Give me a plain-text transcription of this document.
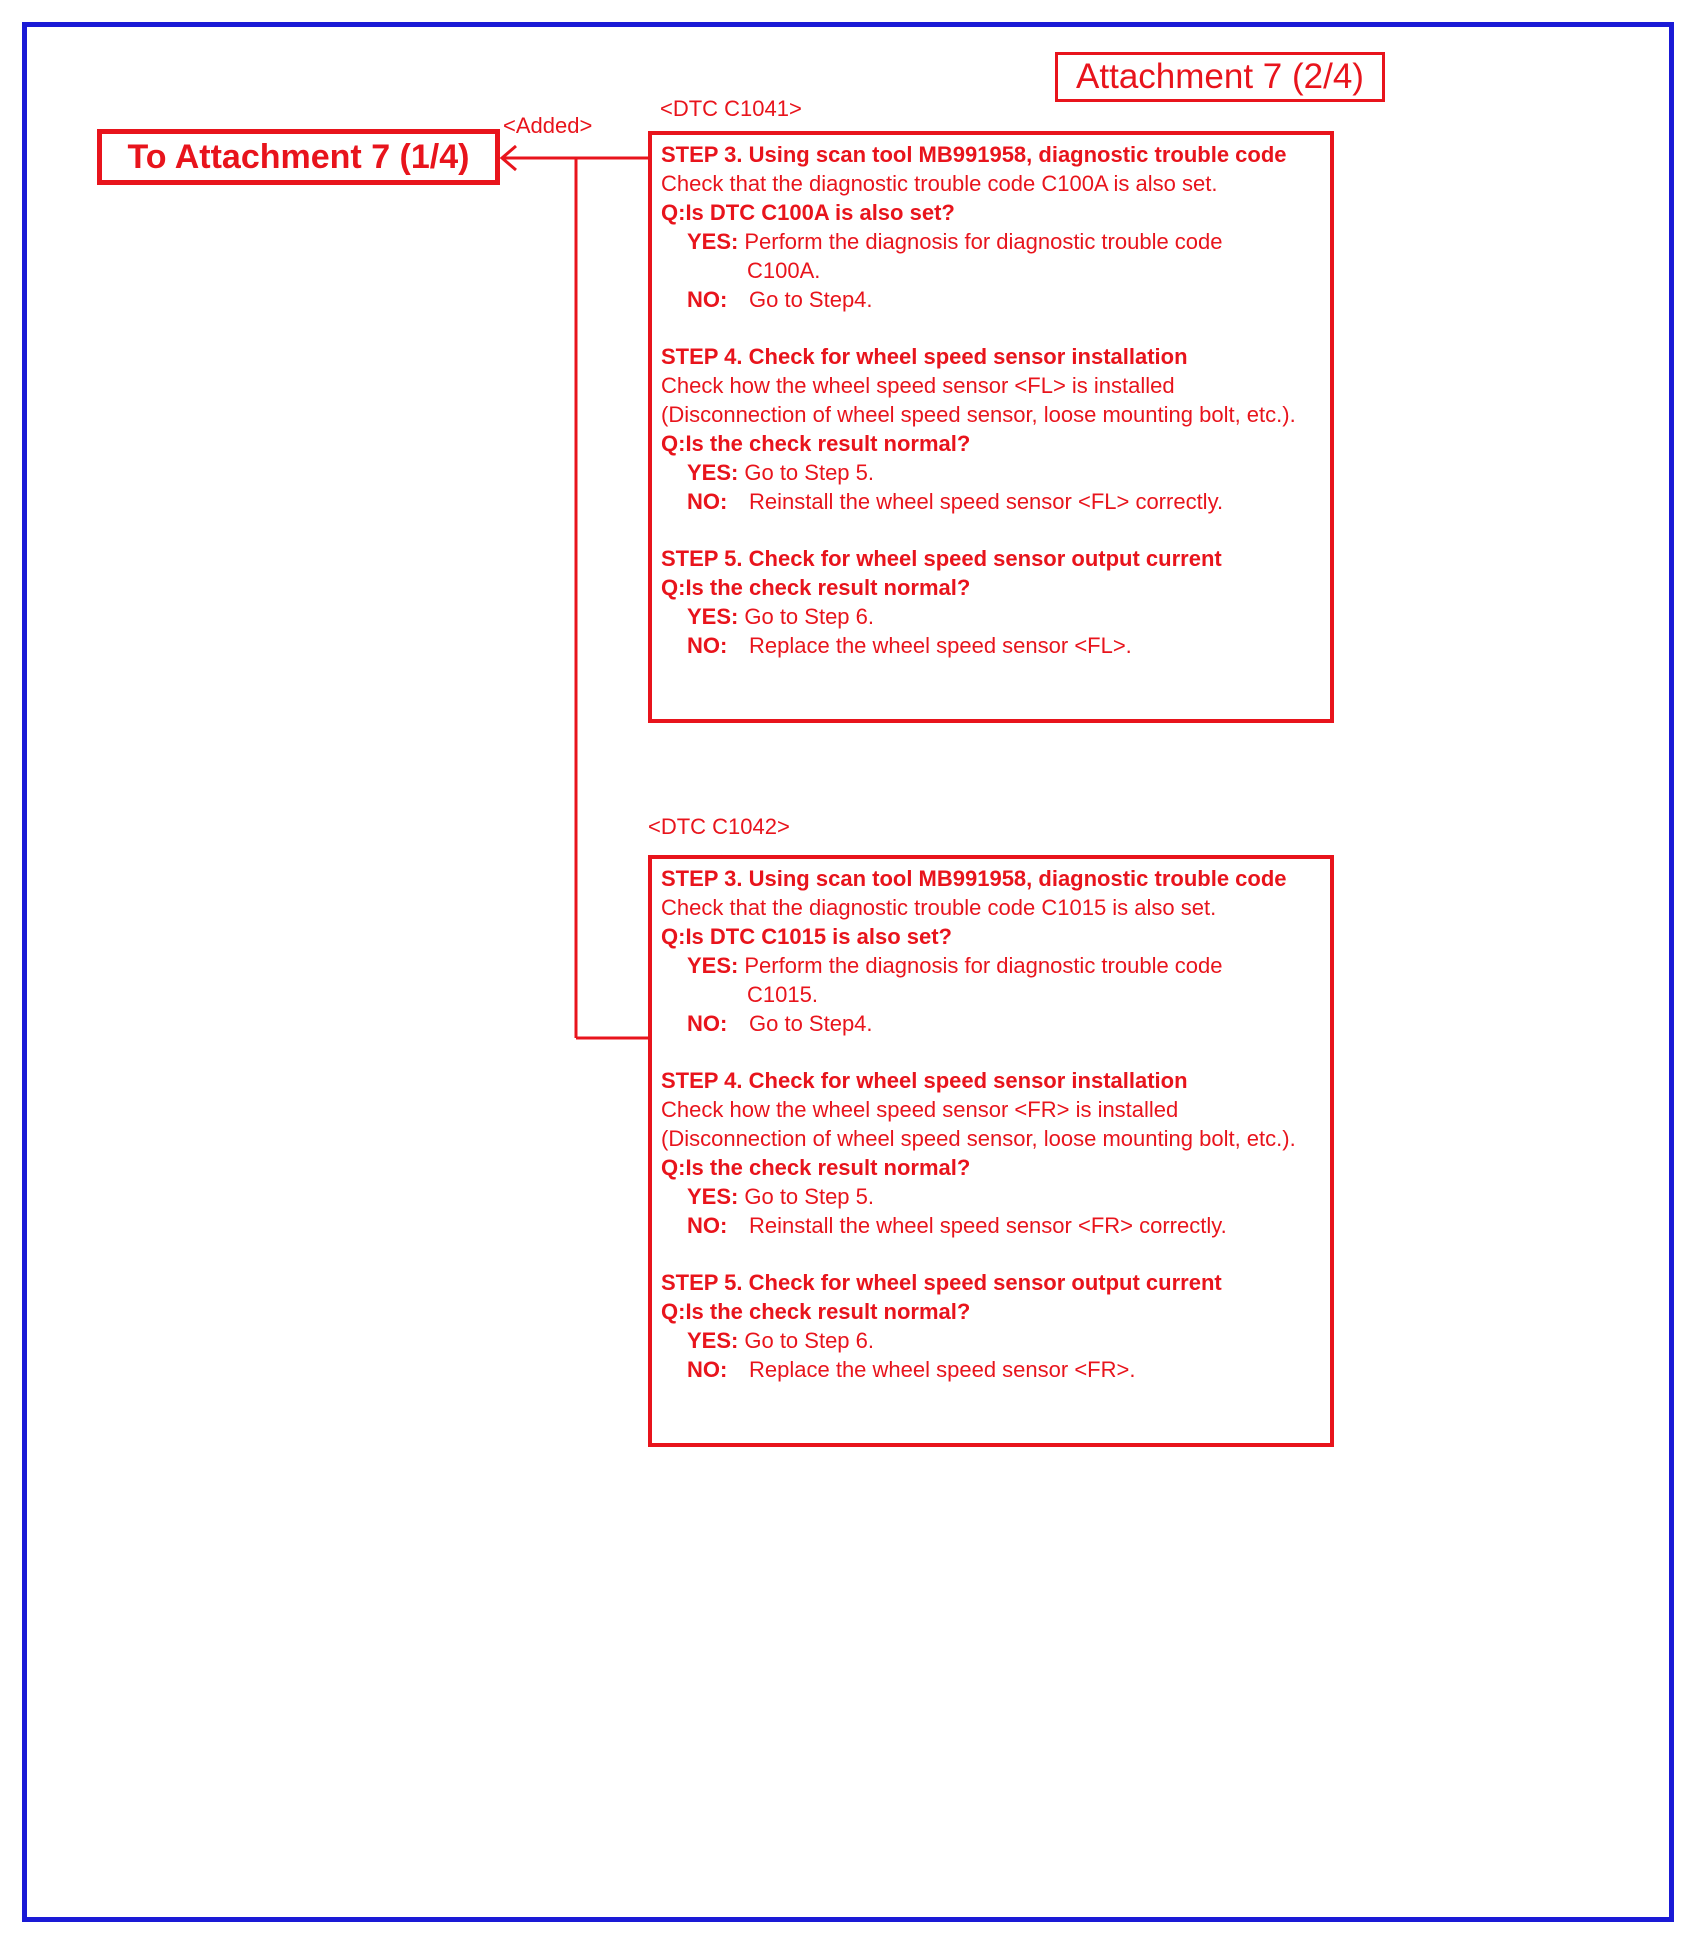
Attachment 7 (2/4)
To Attachment 7 (1/4)
<Added>
<DTC C1041>
STEP 3. Using scan tool MB991958, diagnostic trouble code
Check that the diagnostic trouble code C100A is also set.
Q:Is DTC C100A is also set?
YES: Perform the diagnosis for diagnostic trouble code
C100A.
NO: Go to Step4.
STEP 4. Check for wheel speed sensor installation
Check how the wheel speed sensor <FL> is installed (Disconnection of wheel speed sensor, loose mounting bolt, etc.).
Q:Is the check result normal?
YES: Go to Step 5.
NO: Reinstall the wheel speed sensor <FL> correctly.
STEP 5. Check for wheel speed sensor output current
Q:Is the check result normal?
YES: Go to Step 6.
NO: Replace the wheel speed sensor <FL>.
<DTC C1042>
STEP 3. Using scan tool MB991958, diagnostic trouble code
Check that the diagnostic trouble code C1015 is also set.
Q:Is DTC C1015 is also set?
YES: Perform the diagnosis for diagnostic trouble code
C1015.
NO: Go to Step4.
STEP 4. Check for wheel speed sensor installation
Check how the wheel speed sensor <FR> is installed (Disconnection of wheel speed sensor, loose mounting bolt, etc.).
Q:Is the check result normal?
YES: Go to Step 5.
NO: Reinstall the wheel speed sensor <FR> correctly.
STEP 5. Check for wheel speed sensor output current
Q:Is the check result normal?
YES: Go to Step 6.
NO: Replace the wheel speed sensor <FR>.
